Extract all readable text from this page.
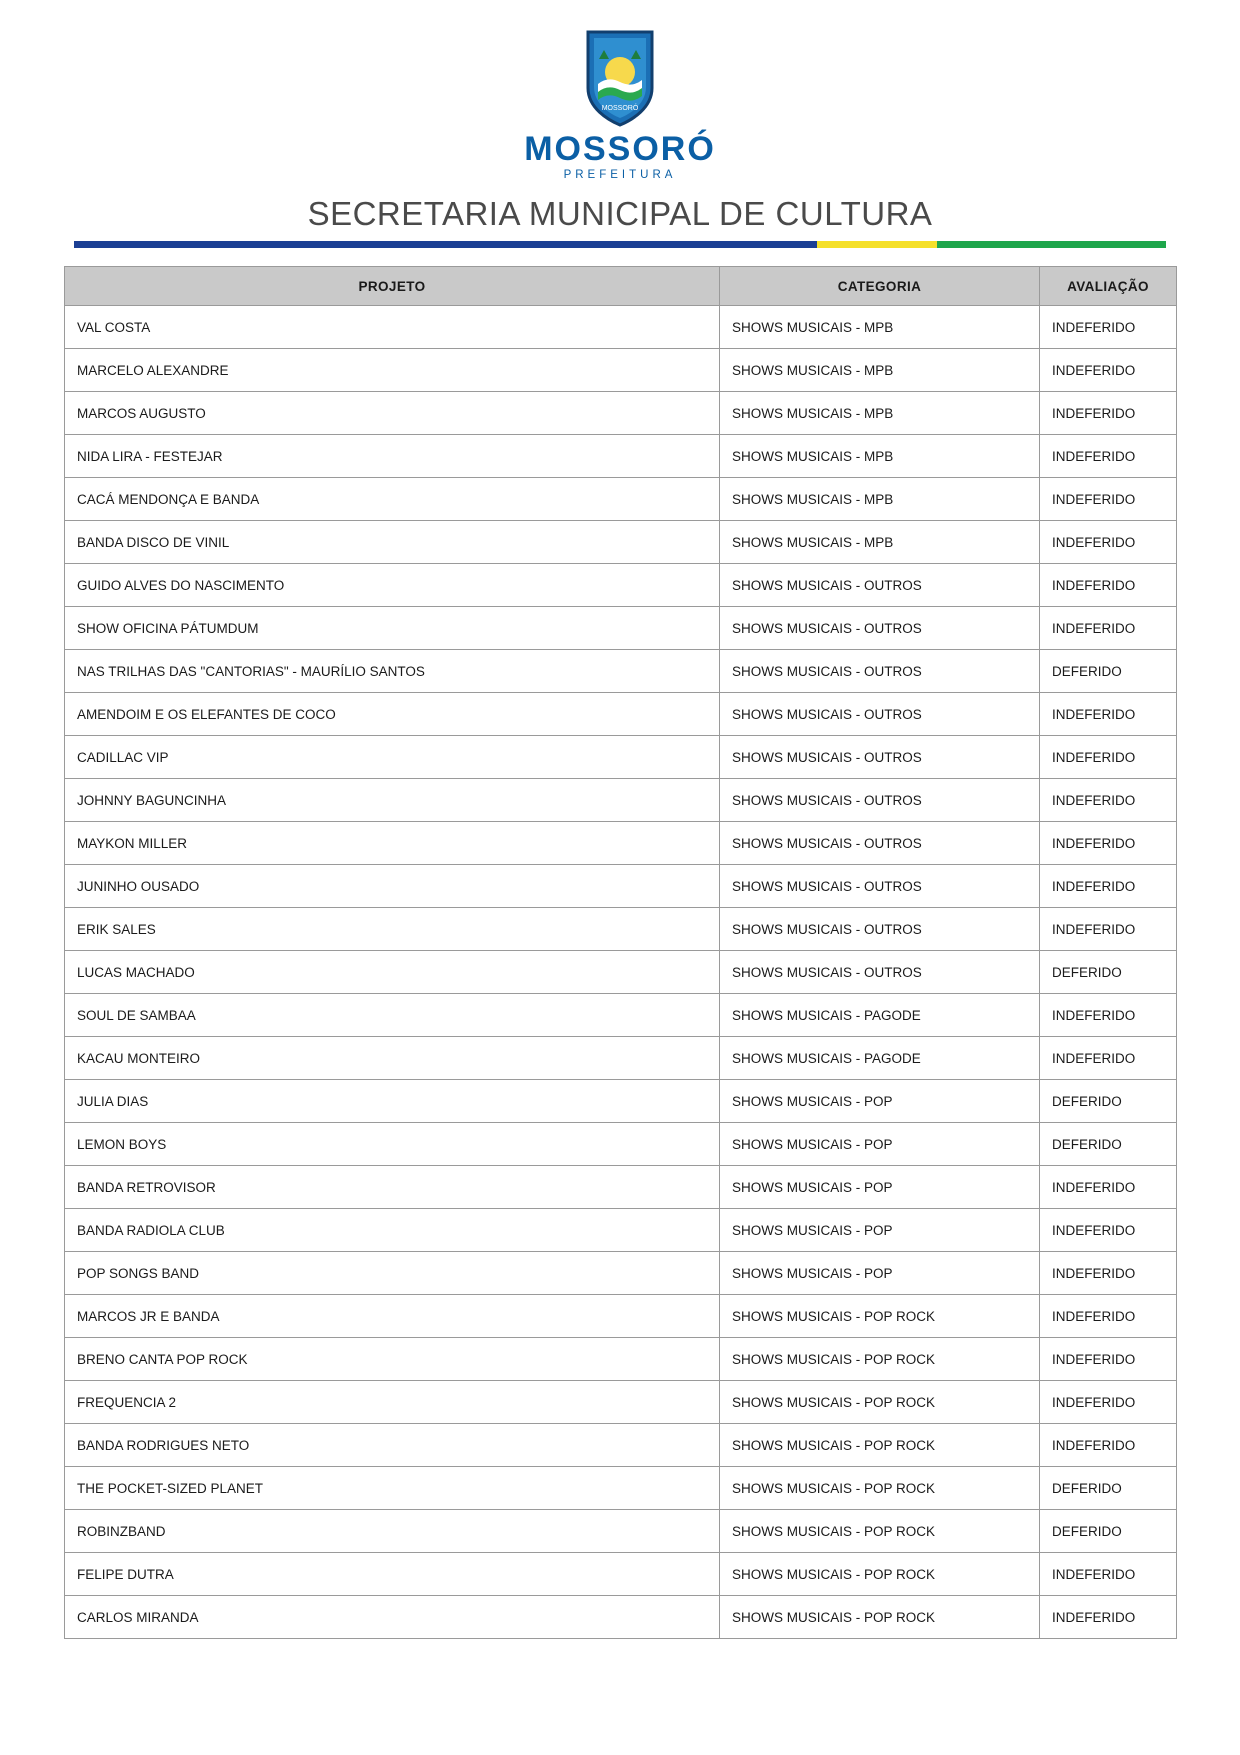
MOSSORÓ
MOSSORÓ
PREFEITURA
SECRETARIA MUNICIPAL DE CULTURA
PROJETO	CATEGORIA	AVALIAÇÃO
VAL COSTA	SHOWS MUSICAIS - MPB	INDEFERIDO
MARCELO ALEXANDRE	SHOWS MUSICAIS - MPB	INDEFERIDO
MARCOS AUGUSTO	SHOWS MUSICAIS - MPB	INDEFERIDO
NIDA LIRA - FESTEJAR	SHOWS MUSICAIS - MPB	INDEFERIDO
CACÁ MENDONÇA E BANDA	SHOWS MUSICAIS - MPB	INDEFERIDO
BANDA DISCO DE VINIL	SHOWS MUSICAIS - MPB	INDEFERIDO
GUIDO ALVES DO NASCIMENTO	SHOWS MUSICAIS - OUTROS	INDEFERIDO
SHOW OFICINA PÁTUMDUM	SHOWS MUSICAIS - OUTROS	INDEFERIDO
NAS TRILHAS DAS "CANTORIAS" - MAURÍLIO SANTOS	SHOWS MUSICAIS - OUTROS	DEFERIDO
AMENDOIM E OS ELEFANTES DE COCO	SHOWS MUSICAIS - OUTROS	INDEFERIDO
CADILLAC VIP	SHOWS MUSICAIS - OUTROS	INDEFERIDO
JOHNNY BAGUNCINHA	SHOWS MUSICAIS - OUTROS	INDEFERIDO
MAYKON MILLER	SHOWS MUSICAIS - OUTROS	INDEFERIDO
JUNINHO OUSADO	SHOWS MUSICAIS - OUTROS	INDEFERIDO
ERIK SALES	SHOWS MUSICAIS - OUTROS	INDEFERIDO
LUCAS MACHADO	SHOWS MUSICAIS - OUTROS	DEFERIDO
SOUL DE SAMBAA	SHOWS MUSICAIS - PAGODE	INDEFERIDO
KACAU MONTEIRO	SHOWS MUSICAIS - PAGODE	INDEFERIDO
JULIA DIAS	SHOWS MUSICAIS - POP	DEFERIDO
LEMON BOYS	SHOWS MUSICAIS - POP	DEFERIDO
BANDA RETROVISOR	SHOWS MUSICAIS - POP	INDEFERIDO
BANDA RADIOLA CLUB	SHOWS MUSICAIS - POP	INDEFERIDO
POP SONGS BAND	SHOWS MUSICAIS - POP	INDEFERIDO
MARCOS JR E BANDA	SHOWS MUSICAIS - POP ROCK	INDEFERIDO
BRENO CANTA POP ROCK	SHOWS MUSICAIS - POP ROCK	INDEFERIDO
FREQUENCIA 2	SHOWS MUSICAIS - POP ROCK	INDEFERIDO
BANDA RODRIGUES NETO	SHOWS MUSICAIS - POP ROCK	INDEFERIDO
THE POCKET-SIZED PLANET	SHOWS MUSICAIS - POP ROCK	DEFERIDO
ROBINZBAND	SHOWS MUSICAIS - POP ROCK	DEFERIDO
FELIPE DUTRA	SHOWS MUSICAIS - POP ROCK	INDEFERIDO
CARLOS MIRANDA	SHOWS MUSICAIS - POP ROCK	INDEFERIDO
